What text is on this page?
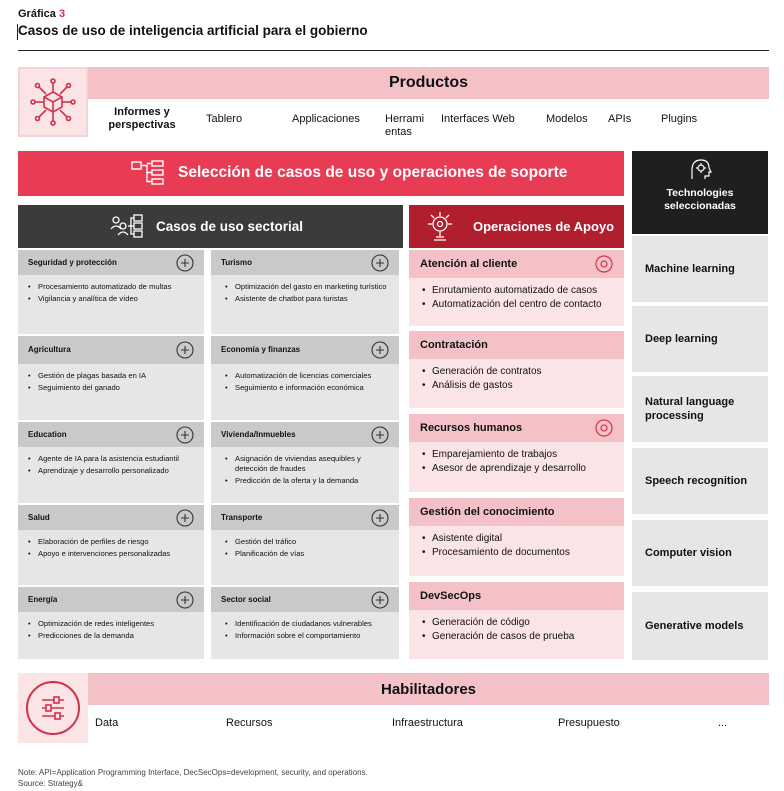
Gráfica 3
Casos de uso de inteligencia artificial para el gobierno
Productos
Informes y perspectivas	Tablero	Applicaciones Herrami entas
Interfaces Web	Modelos APIs	Plugins
Selección de casos de uso y operaciones de soporte
Casos de uso sectorial
Seguridad y protección
• Procesamiento automatizado de multas
• Vigilancia y analítica de vídeo
Turismo
• Optimización del gasto en marketing turístico
• Asistente de chatbot para turistas
Agricultura
• Gestión de plagas basada en IA
• Seguimiento del ganado
Economía y finanzas
• Automatización de licencias comerciales
• Seguimiento e información económica
Education
• Agente de IA para la asistencia estudiantil
• Aprendizaje y desarrollo personalizado
Vivienda/Inmuebles
• Asignación de viviendas asequibles y detección de fraudes
• Predicción de la oferta y la demanda
Salud
• Elaboración de perfiles de riesgo
• Apoyo e intervenciones personalizadas
Transporte
• Gestión del tráfico
• Planificación de vías
Energía
• Optimización de redes inteligentes
• Predicciones de la demanda
Sector social
• Identificación de ciudadanos vulnerables
• Información sobre el comportamiento
Operaciones de Apoyo
Atención al cliente
• Enrutamiento automatizado de casos
• Automatización del centro de contacto
Contratación
• Generación de contratos
• Análisis de gastos
Recursos humanos
• Emparejamiento de trabajos
• Asesor de aprendizaje y desarrollo
Gestión del conocimiento
• Asistente digital
• Procesamiento de documentos
DevSecOps
• Generación de código
• Generación de casos de prueba
Technologies seleccionadas
Machine learning
Deep learning
Natural language processing
Speech recognition
Computer vision
Generative models
Habilitadores
Data	Recursos	Infraestructura	Presupuesto	...
Note: API=Application Programming Interface, DecSecOps=development, security, and operations.
Source: Strategy&
